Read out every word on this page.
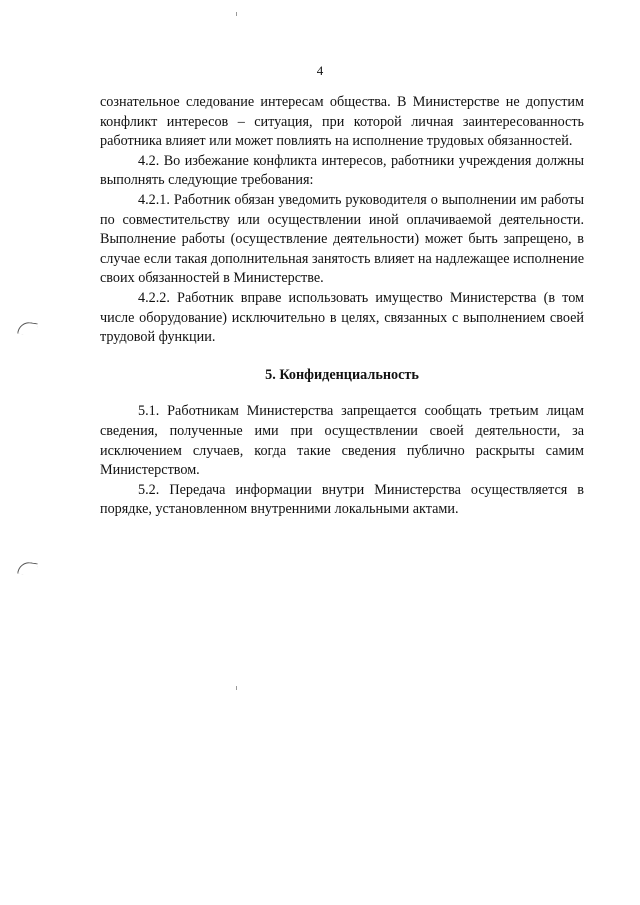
4

сознательное следование интересам общества. В Министерстве не допустим конфликт интересов – ситуация, при которой личная заинтересованность работника влияет или может повлиять на исполнение трудовых обязанностей.

4.2. Во избежание конфликта интересов, работники учреждения должны выполнять следующие требования:

4.2.1. Работник обязан уведомить руководителя о выполнении им работы по совместительству или осуществлении иной оплачиваемой деятельности. Выполнение работы (осуществление деятельности) может быть запрещено, в случае если такая дополнительная занятость влияет на надлежащее исполнение своих обязанностей в Министерстве.

4.2.2. Работник вправе использовать имущество Министерства (в том числе оборудование) исключительно в целях, связанных с выполнением своей трудовой функции.

5. Конфиденциальность

5.1. Работникам Министерства запрещается сообщать третьим лицам сведения, полученные ими при осуществлении своей деятельности, за исключением случаев, когда такие сведения публично раскрыты самим Министерством.

5.2. Передача информации внутри Министерства осуществляется в порядке, установленном внутренними локальными актами.
